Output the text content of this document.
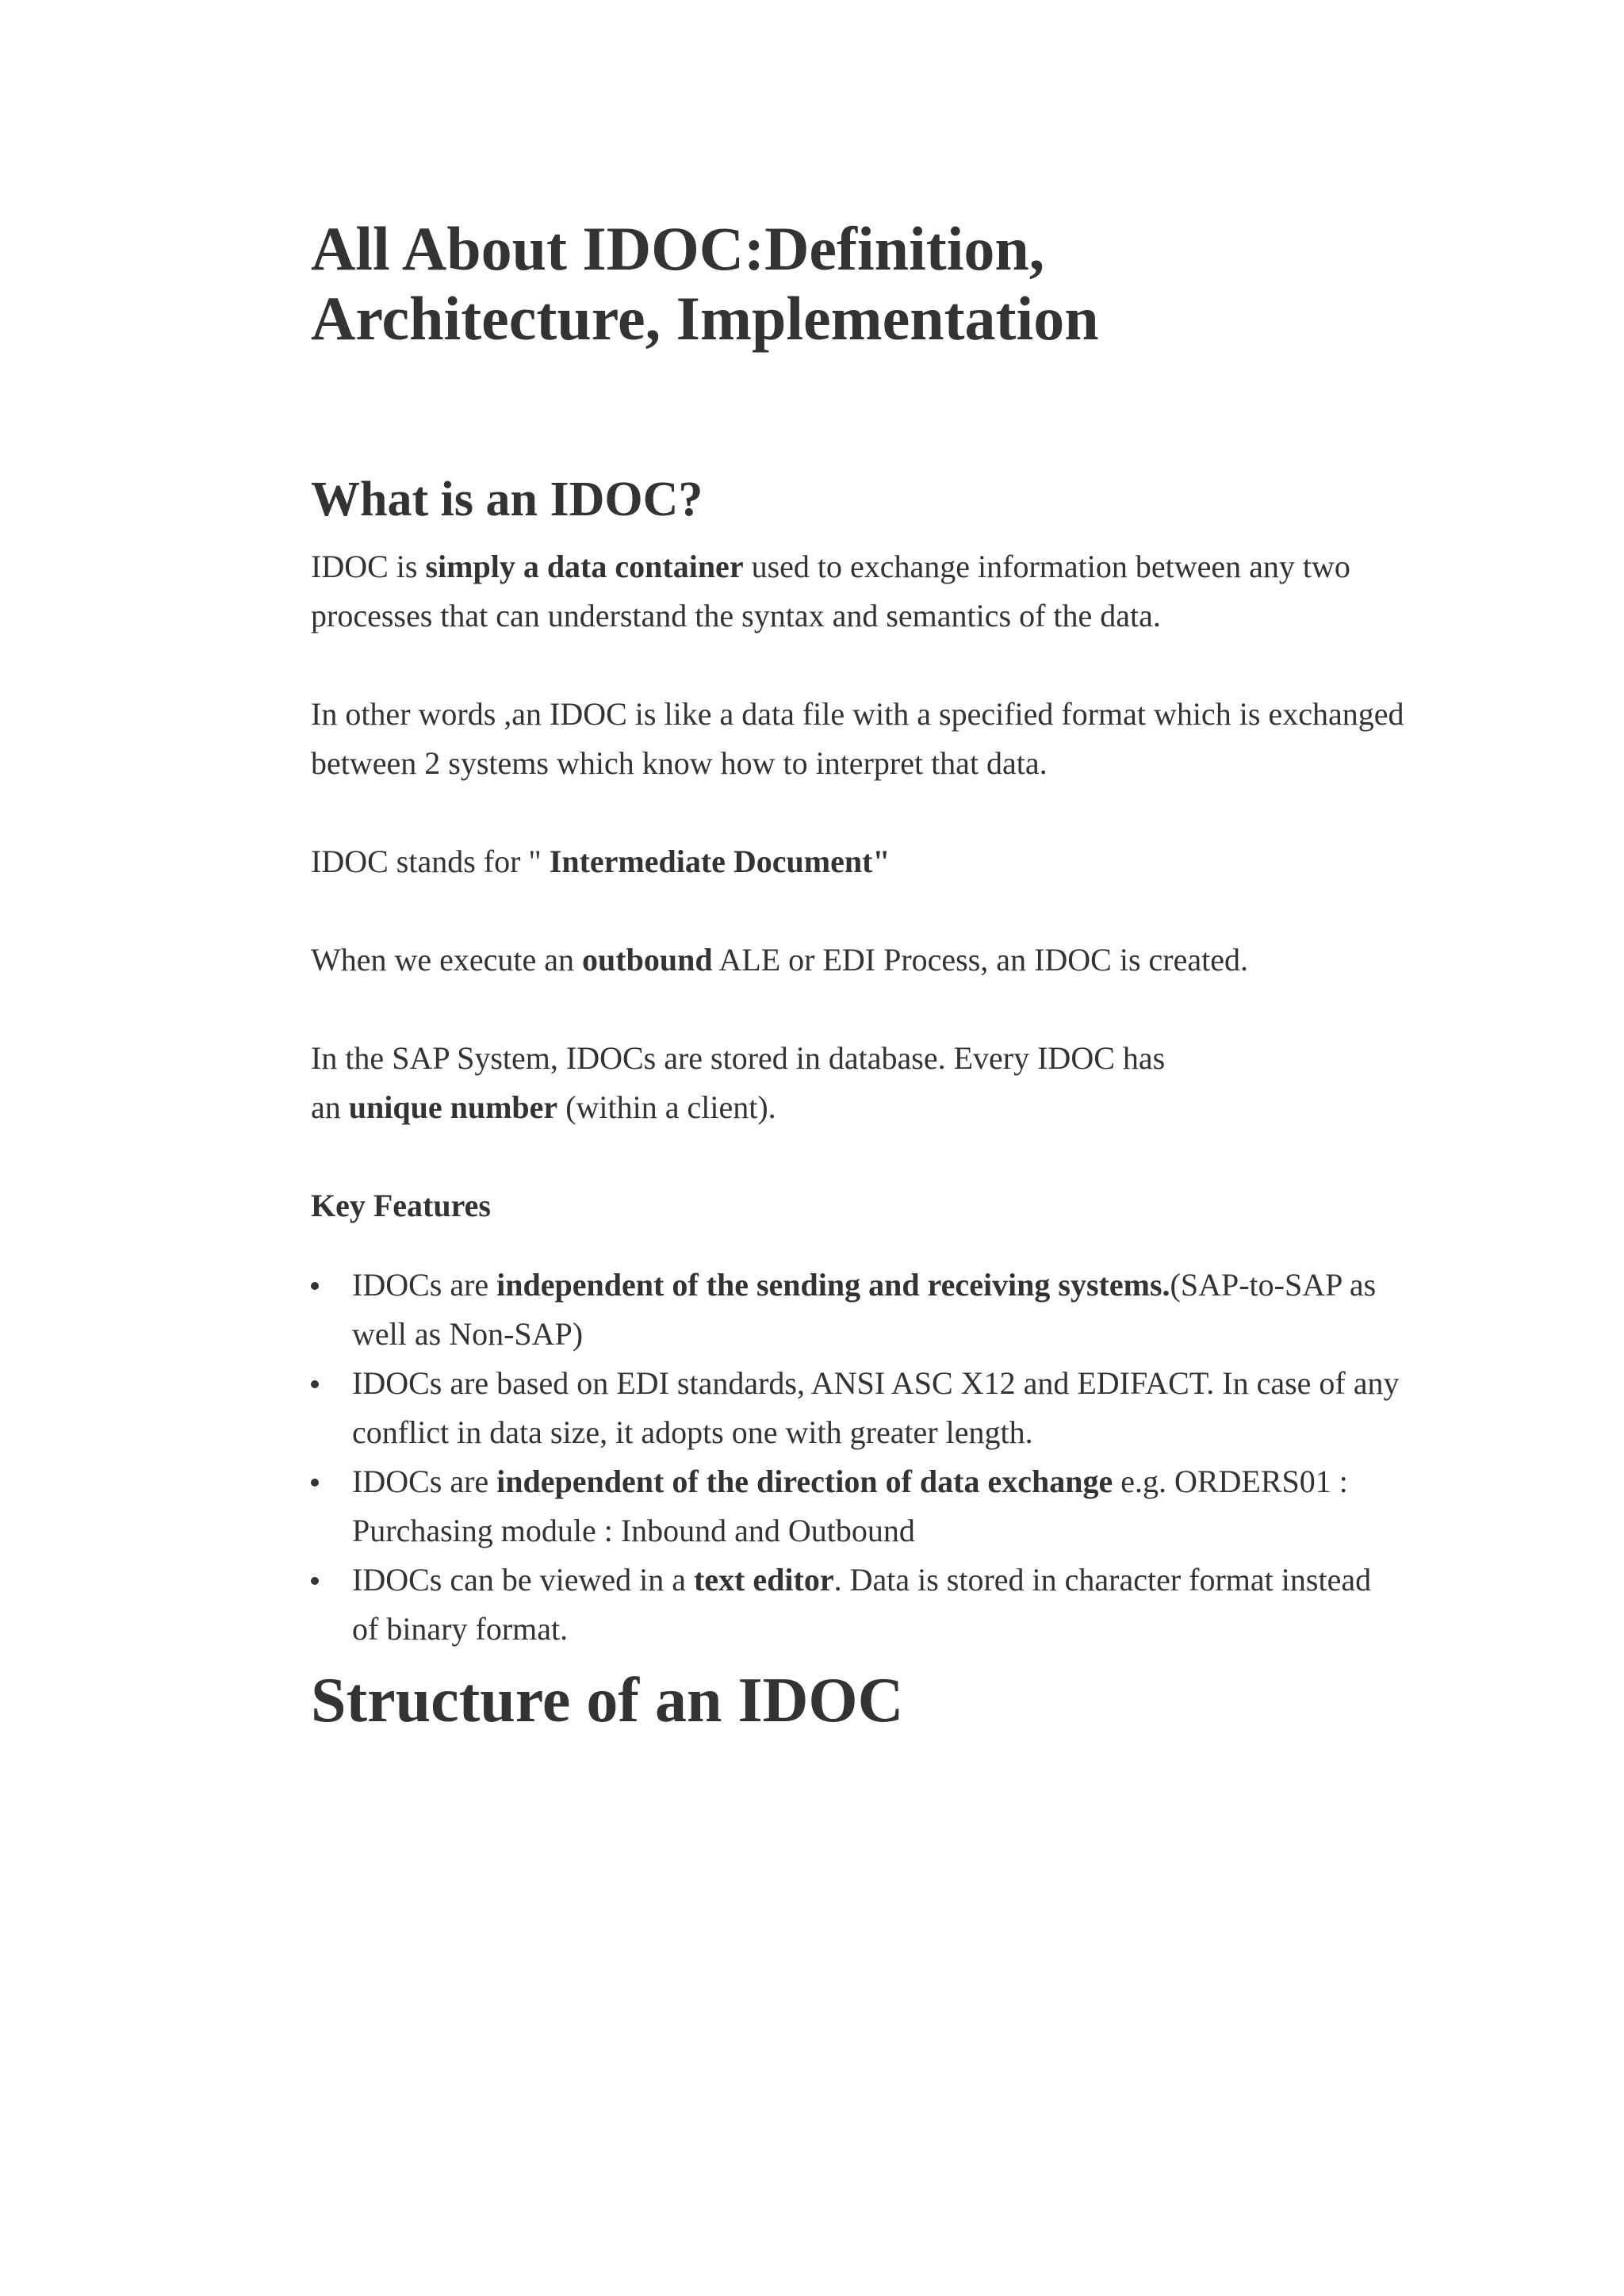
All About IDOC:Definition,
Architecture, Implementation
What is an IDOC?

IDOC is simply a data container used to exchange information between any two processes that can understand the syntax and semantics of the data.

In other words ,an IDOC is like a data file with a specified format which is exchanged between 2 systems which know how to interpret that data.

IDOC stands for " Intermediate Document"

When we execute an outbound ALE or EDI Process, an IDOC is created.

In the SAP System, IDOCs are stored in database. Every IDOC has
an unique number (within a client).

Key Features

IDOCs are independent of the sending and receiving systems.(SAP-to-SAP as well as Non-SAP)
IDOCs are based on EDI standards, ANSI ASC X12 and EDIFACT. In case of any conflict in data size, it adopts one with greater length.
IDOCs are independent of the direction of data exchange e.g. ORDERS01 : Purchasing module : Inbound and Outbound
IDOCs can be viewed in a text editor. Data is stored in character format instead of binary format.
Structure of an IDOC
